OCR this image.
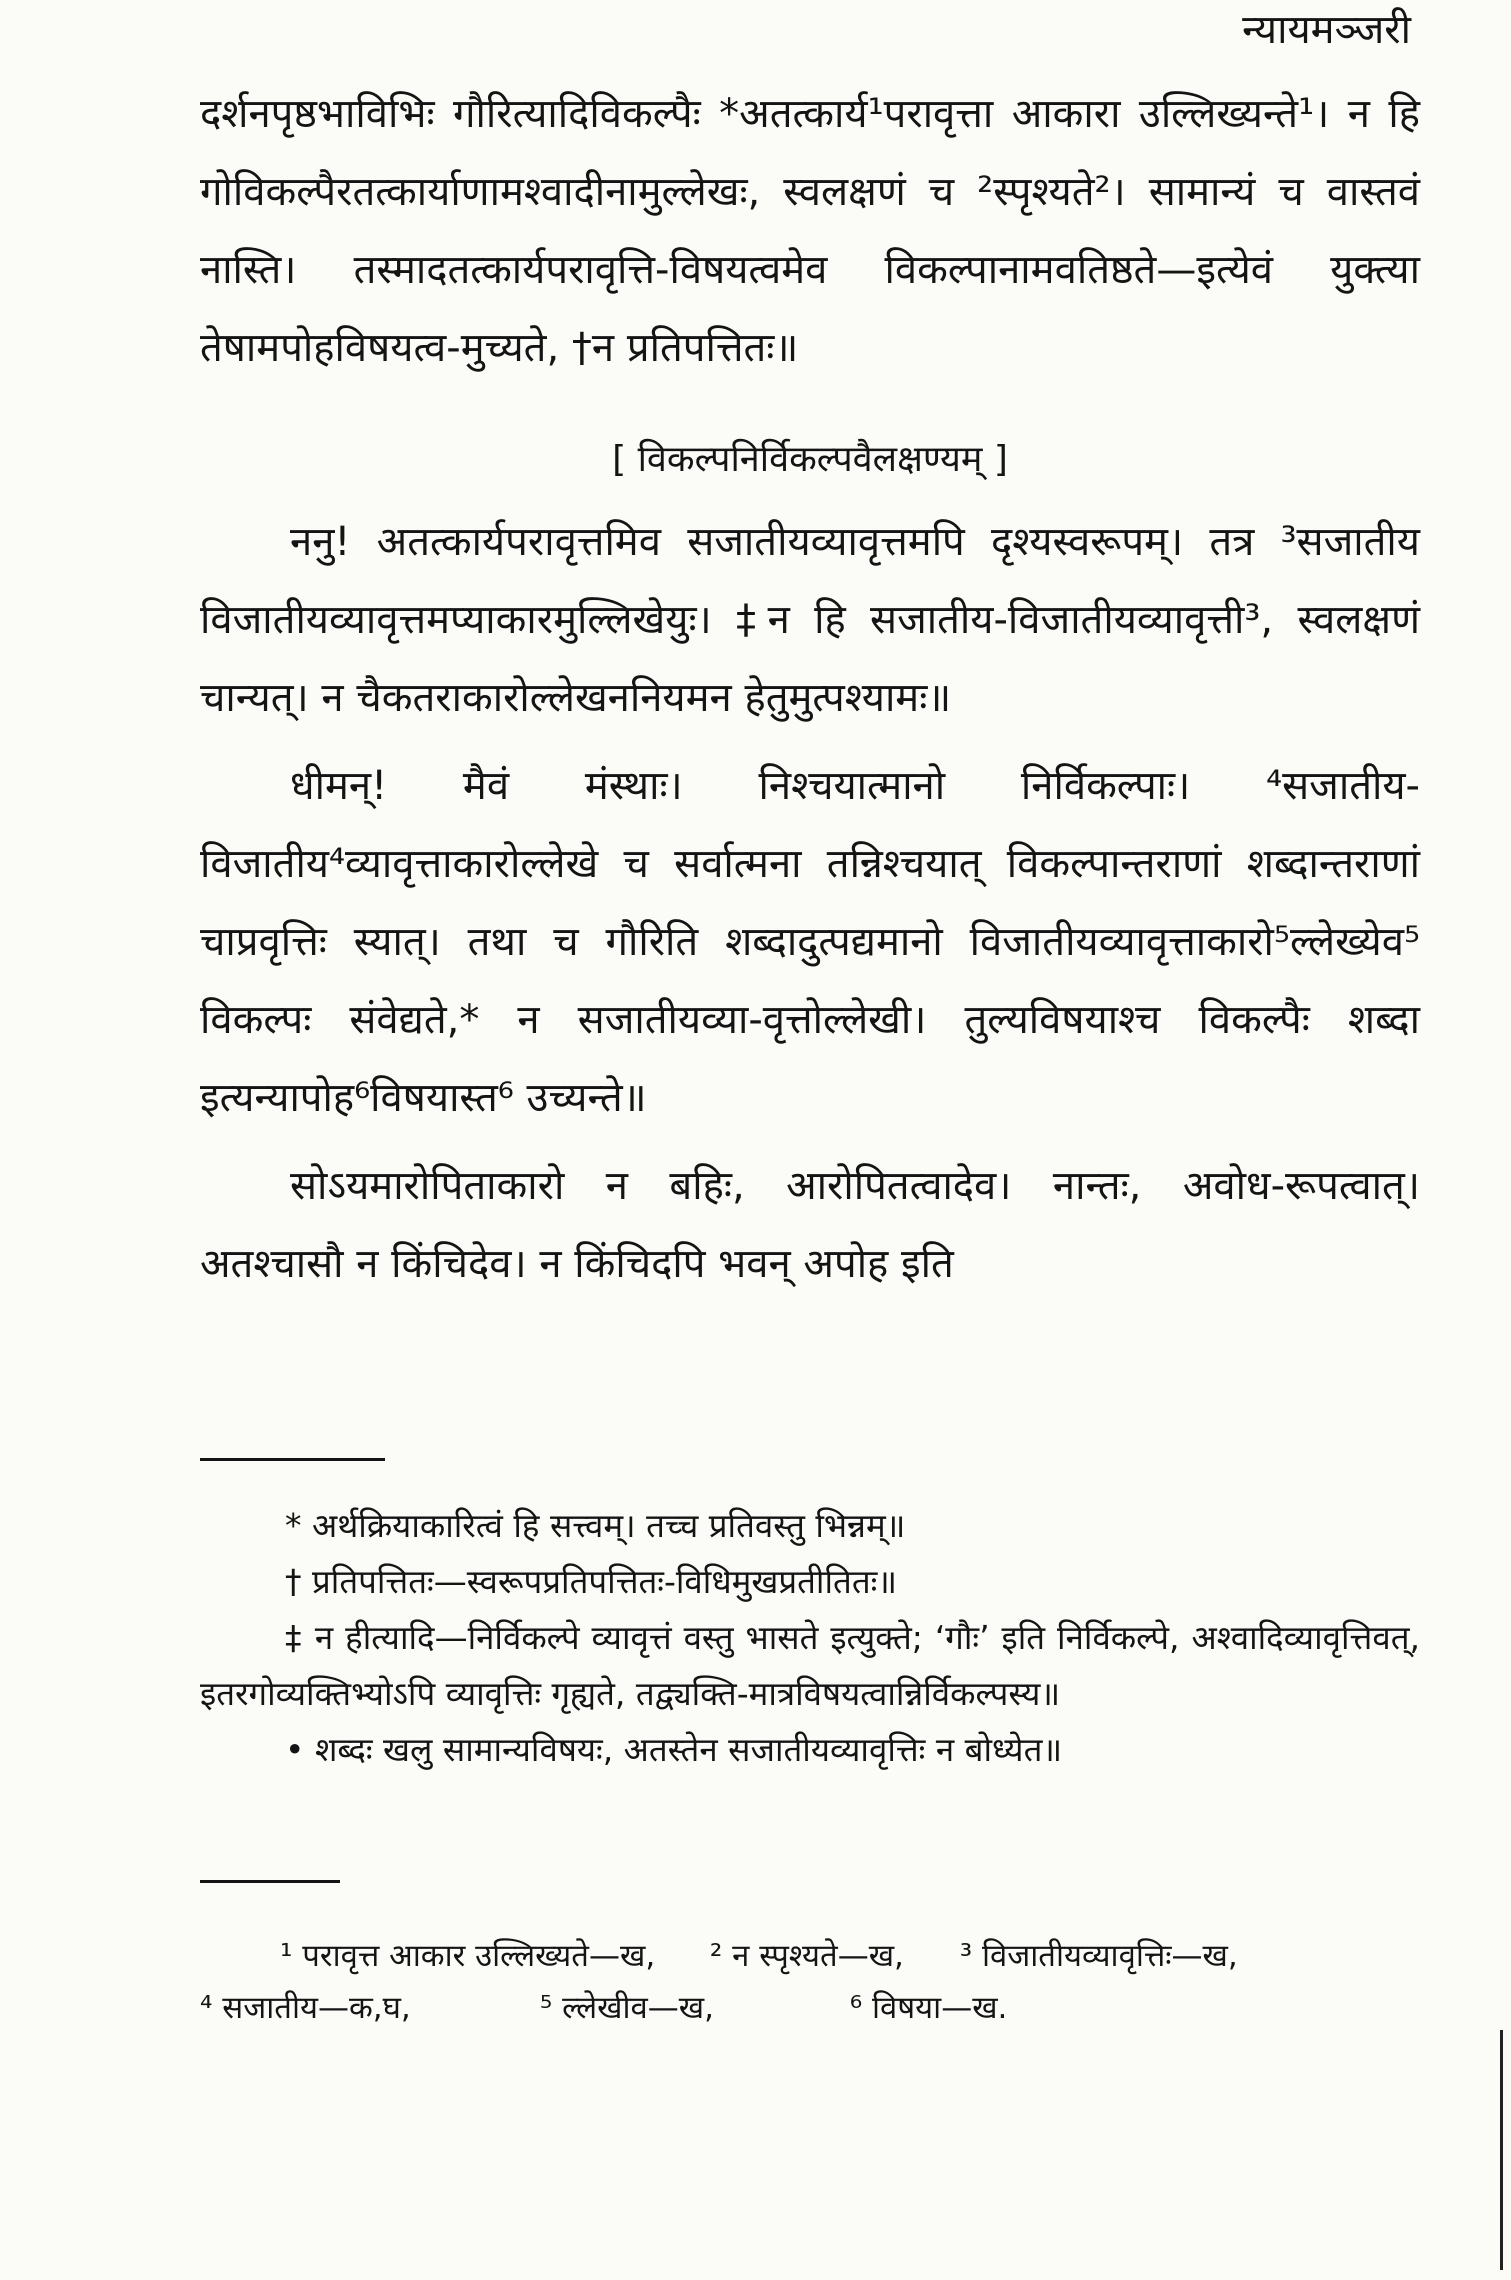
न्यायमञ्जरी

दर्शनपृष्ठभाविभिः गौरित्यादिविकल्पैः *अतत्कार्य¹परावृत्ता आकारा उल्लिख्यन्ते¹। न हि गोविकल्पैरतत्कार्याणामश्वादीनामुल्लेखः, स्वलक्षणं च ²स्पृश्यते²। सामान्यं च वास्तवं नास्ति। तस्मादतत्कार्यपरावृत्ति-विषयत्वमेव विकल्पानामवतिष्ठते—इत्येवं युक्त्या तेषामपोहविषयत्व-मुच्यते, †न प्रतिपत्तितः॥

[ विकल्पनिर्विकल्पवैलक्षण्यम् ]

ननु! अतत्कार्यपरावृत्तमिव सजातीयव्यावृत्तमपि दृश्यस्वरूपम्। तत्र ³सजातीय विजातीयव्यावृत्तमप्याकारमुल्लिखेयुः। ‡न हि सजातीय-विजातीयव्यावृत्ती³, स्वलक्षणं चान्यत्। न चैकतराकारोल्लेखननियमन हेतुमुत्पश्यामः॥

धीमन्! मैवं मंस्थाः। निश्चयात्मानो निर्विकल्पाः। ⁴सजातीय-विजातीय⁴व्यावृत्ताकारोल्लेखे च सर्वात्मना तन्निश्चयात् विकल्पान्तराणां शब्दान्तराणां चाप्रवृत्तिः स्यात्। तथा च गौरिति शब्दादुत्पद्यमानो विजातीयव्यावृत्ताकारो⁵ल्लेख्येव⁵ विकल्पः संवेद्यते,* न सजातीयव्या-वृत्तोल्लेखी। तुल्यविषयाश्च विकल्पैः शब्दा इत्यन्यापोह⁶विषयास्त⁶ उच्यन्ते॥

सोऽयमारोपिताकारो न बहिः, आरोपितत्वादेव। नान्तः, अवोध-रूपत्वात्। अतश्चासौ न किंचिदेव। न किंचिदपि भवन् अपोह इति

* अर्थक्रियाकारित्वं हि सत्त्वम्। तच्च प्रतिवस्तु भिन्नम्॥

† प्रतिपत्तितः—स्वरूपप्रतिपत्तितः-विधिमुखप्रतीतितः॥

‡ न हीत्यादि—निर्विकल्पे व्यावृत्तं वस्तु भासते इत्युक्ते; ‘गौः’ इति निर्विकल्पे, अश्वादिव्यावृत्तिवत्, इतरगोव्यक्तिभ्योऽपि व्यावृत्तिः गृह्यते, तद्व्यक्ति-मात्रविषयत्वान्निर्विकल्पस्य॥

• शब्दः खलु सामान्यविषयः, अतस्तेन सजातीयव्यावृत्तिः न बोध्येत॥

¹ परावृत्त आकार उल्लिख्यते—ख, ² न स्पृश्यते—ख, ³ विजातीयव्यावृत्तिः—ख,
⁴ सजातीय—क,घ,	⁵ ल्लेखीव—ख,	⁶ विषया—ख.
